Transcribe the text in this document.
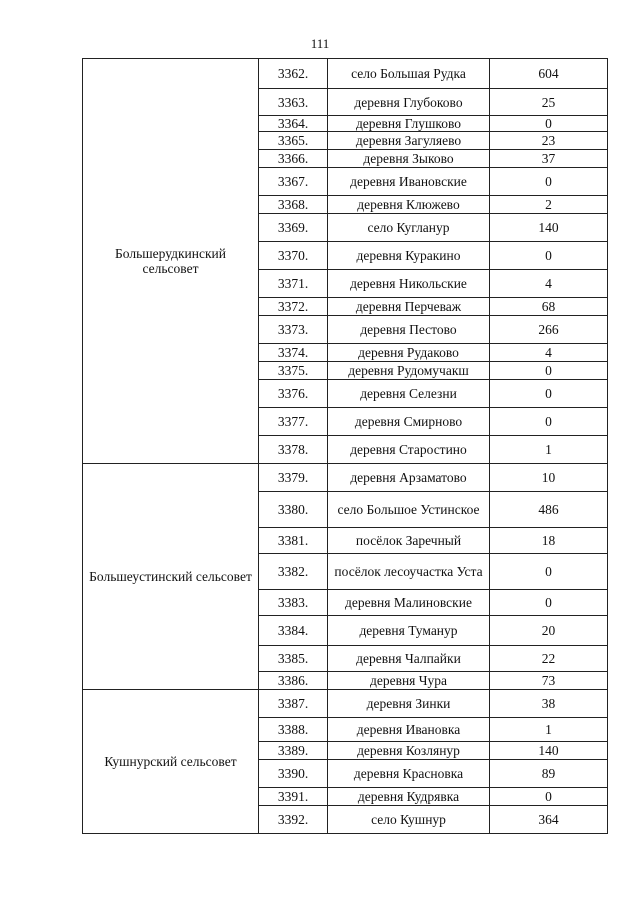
111
Большерудкинский сельсовет	3362.	село Большая Рудка	604
	3363.	деревня Глубоково	25
	3364.	деревня Глушково	0
	3365.	деревня Загуляево	23
	3366.	деревня Зыково	37
	3367.	деревня Ивановские	0
	3368.	деревня Клюжево	2
	3369.	село Кугланур	140
	3370.	деревня Куракино	0
	3371.	деревня Никольские	4
	3372.	деревня Перчеваж	68
	3373.	деревня Пестово	266
	3374.	деревня Рудаково	4
	3375.	деревня Рудомучакш	0
	3376.	деревня Селезни	0
	3377.	деревня Смирново	0
	3378.	деревня Старостино	1
Большеустинский сельсовет	3379.	деревня Арзаматово	10
	3380.	село Большое Устинское	486
	3381.	посёлок Заречный	18
	3382.	посёлок лесоучастка Уста	0
	3383.	деревня Малиновские	0
	3384.	деревня Туманур	20
	3385.	деревня Чалпайки	22
	3386.	деревня Чура	73
Кушнурский сельсовет	3387.	деревня Зинки	38
	3388.	деревня Ивановка	1
	3389.	деревня Козлянур	140
	3390.	деревня Красновка	89
	3391.	деревня Кудрявка	0
	3392.	село Кушнур	364
